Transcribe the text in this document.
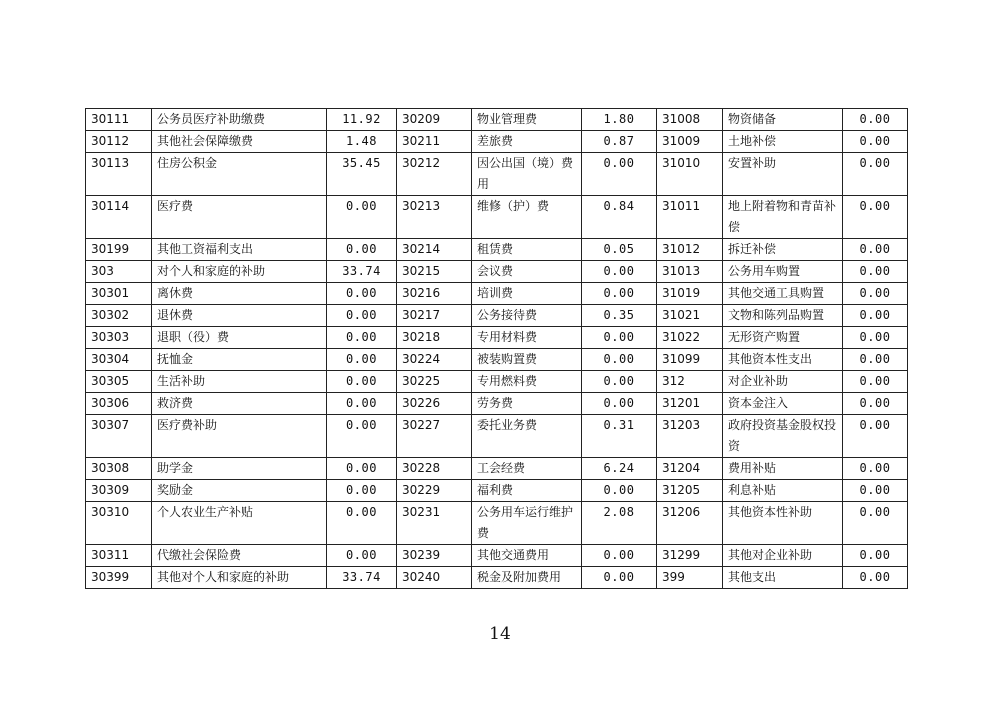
30111	公务员医疗补助缴费	11.92	30209	物业管理费	1.80	31008	物资储备	0.00
30112	其他社会保障缴费	1.48	30211	差旅费	0.87	31009	土地补偿	0.00
30113	住房公积金	35.45	30212	因公出国（境）费用	0.00	31010	安置补助	0.00
30114	医疗费	0.00	30213	维修（护）费	0.84	31011	地上附着物和青苗补偿	0.00
30199	其他工资福利支出	0.00	30214	租赁费	0.05	31012	拆迁补偿	0.00
303	对个人和家庭的补助	33.74	30215	会议费	0.00	31013	公务用车购置	0.00
30301	离休费	0.00	30216	培训费	0.00	31019	其他交通工具购置	0.00
30302	退休费	0.00	30217	公务接待费	0.35	31021	文物和陈列品购置	0.00
30303	退职（役）费	0.00	30218	专用材料费	0.00	31022	无形资产购置	0.00
30304	抚恤金	0.00	30224	被装购置费	0.00	31099	其他资本性支出	0.00
30305	生活补助	0.00	30225	专用燃料费	0.00	312	对企业补助	0.00
30306	救济费	0.00	30226	劳务费	0.00	31201	资本金注入	0.00
30307	医疗费补助	0.00	30227	委托业务费	0.31	31203	政府投资基金股权投资	0.00
30308	助学金	0.00	30228	工会经费	6.24	31204	费用补贴	0.00
30309	奖励金	0.00	30229	福利费	0.00	31205	利息补贴	0.00
30310	个人农业生产补贴	0.00	30231	公务用车运行维护费	2.08	31206	其他资本性补助	0.00
30311	代缴社会保险费	0.00	30239	其他交通费用	0.00	31299	其他对企业补助	0.00
30399	其他对个人和家庭的补助	33.74	30240	税金及附加费用	0.00	399	其他支出	0.00
14
